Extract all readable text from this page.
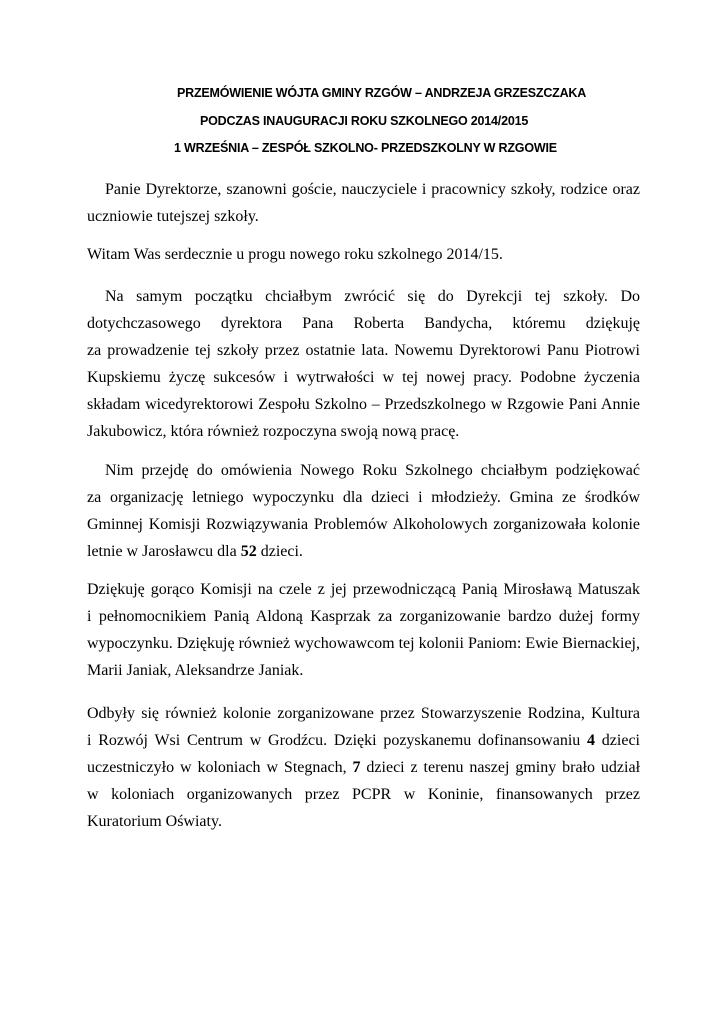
PRZEMÓWIENIE WÓJTA GMINY RZGÓW – ANDRZEJA GRZESZCZAKA
PODCZAS INAUGURACJI ROKU SZKOLNEGO 2014/2015
1 WRZEŚNIA – ZESPÓŁ SZKOLNO- PRZEDSZKOLNY W RZGOWIE
Panie Dyrektorze, szanowni goście, nauczyciele i pracownicy szkoły, rodzice oraz
uczniowie tutejszej szkoły.
Witam Was serdecznie u progu nowego roku szkolnego 2014/15.
Na samym początku chciałbym zwrócić się do Dyrekcji tej szkoły. Do
dotychczasowego dyrektora Pana Roberta Bandycha, któremu dziękuję
za prowadzenie tej szkoły przez ostatnie lata. Nowemu Dyrektorowi Panu Piotrowi
Kupskiemu życzę sukcesów i wytrwałości w tej nowej pracy. Podobne życzenia
składam wicedyrektorowi Zespołu Szkolno – Przedszkolnego w Rzgowie Pani Annie
Jakubowicz, która również rozpoczyna swoją nową pracę.
Nim przejdę do omówienia Nowego Roku Szkolnego chciałbym podziękować
za organizację letniego wypoczynku dla dzieci i młodzieży. Gmina ze środków
Gminnej Komisji Rozwiązywania Problemów Alkoholowych zorganizowała kolonie
letnie w Jarosławcu dla 52 dzieci.
Dziękuję gorąco Komisji na czele z jej przewodniczącą Panią Mirosławą Matuszak
i pełnomocnikiem Panią Aldoną Kasprzak za zorganizowanie bardzo dużej formy
wypoczynku. Dziękuję również wychowawcom tej kolonii Paniom: Ewie Biernackiej,
Marii Janiak, Aleksandrze Janiak.
Odbyły się również kolonie zorganizowane przez Stowarzyszenie Rodzina, Kultura
i Rozwój Wsi Centrum w Grodźcu. Dzięki pozyskanemu dofinansowaniu 4 dzieci
uczestniczyło w koloniach w Stegnach, 7 dzieci z terenu naszej gminy brało udział
w koloniach organizowanych przez PCPR w Koninie, finansowanych przez
Kuratorium Oświaty.
